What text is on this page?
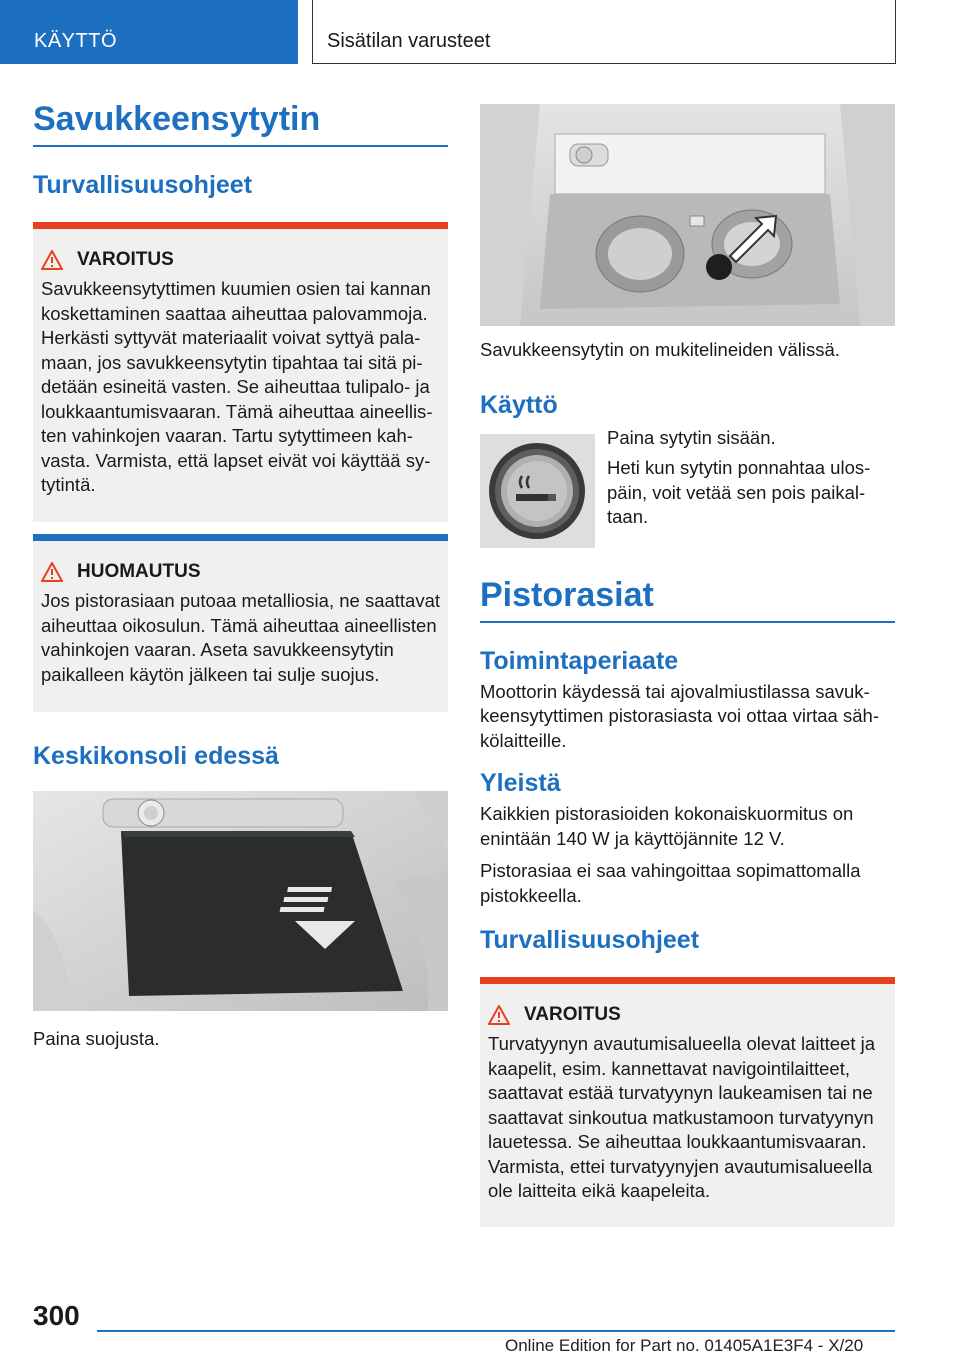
KÄYTTÖ	Sisätilan varusteet
Savukkeensytytin
Turvallisuusohjeet
VAROITUS
Savukkeensytyttimen kuumien osien tai kannan koskettaminen saattaa aiheuttaa palovammoja. Herkästi syttyvät materiaalit voivat syttyä palamaan, jos savukkeensytytin tipahtaa tai sitä pidetään esineitä vasten. Se aiheuttaa tulipalo- ja loukkaantumisvaaran. Tämä aiheuttaa aineellisten vahinkojen vaaran. Tartu sytyttimeen kahvasta. Varmista, että lapset eivät voi käyttää sytytintä.
HUOMAUTUS
Jos pistorasiaan putoaa metalliosia, ne saattavat aiheuttaa oikosulun. Tämä aiheuttaa aineellisten vahinkojen vaaran. Aseta savukkeensytytin paikalleen käytön jälkeen tai sulje suojus.
Keskikonsoli edessä
Paina suojusta.
Savukkeensytytin on mukitelineiden välissä.
Käyttö

Paina sytytin sisään.

Heti kun sytytin ponnahtaa ulospäin, voit vetää sen pois paikaltaan.

Pistorasiat
Toimintaperiaate
Moottorin käydessä tai ajovalmiustilassa savukkeensytyttimen pistorasiasta voi ottaa virtaa sähkölaitteille.
Yleistä
Kaikkien pistorasioiden kokonaiskuormitus on enintään 140 W ja käyttöjännite 12 V.
Pistorasiaa ei saa vahingoittaa sopimattomalla pistokkeella.
Turvallisuusohjeet
VAROITUS
Turvatyynyn avautumisalueella olevat laitteet ja kaapelit, esim. kannettavat navigointilaitteet, saattavat estää turvatyynyn laukeamisen tai ne saattavat sinkoutua matkustamoon turvatyynyn lauetessa. Se aiheuttaa loukkaantumisvaaran. Varmista, ettei turvatyynyjen avautumisalueella ole laitteita eikä kaapeleita.
300
Online Edition for Part no. 01405A1E3F4 - X/20
